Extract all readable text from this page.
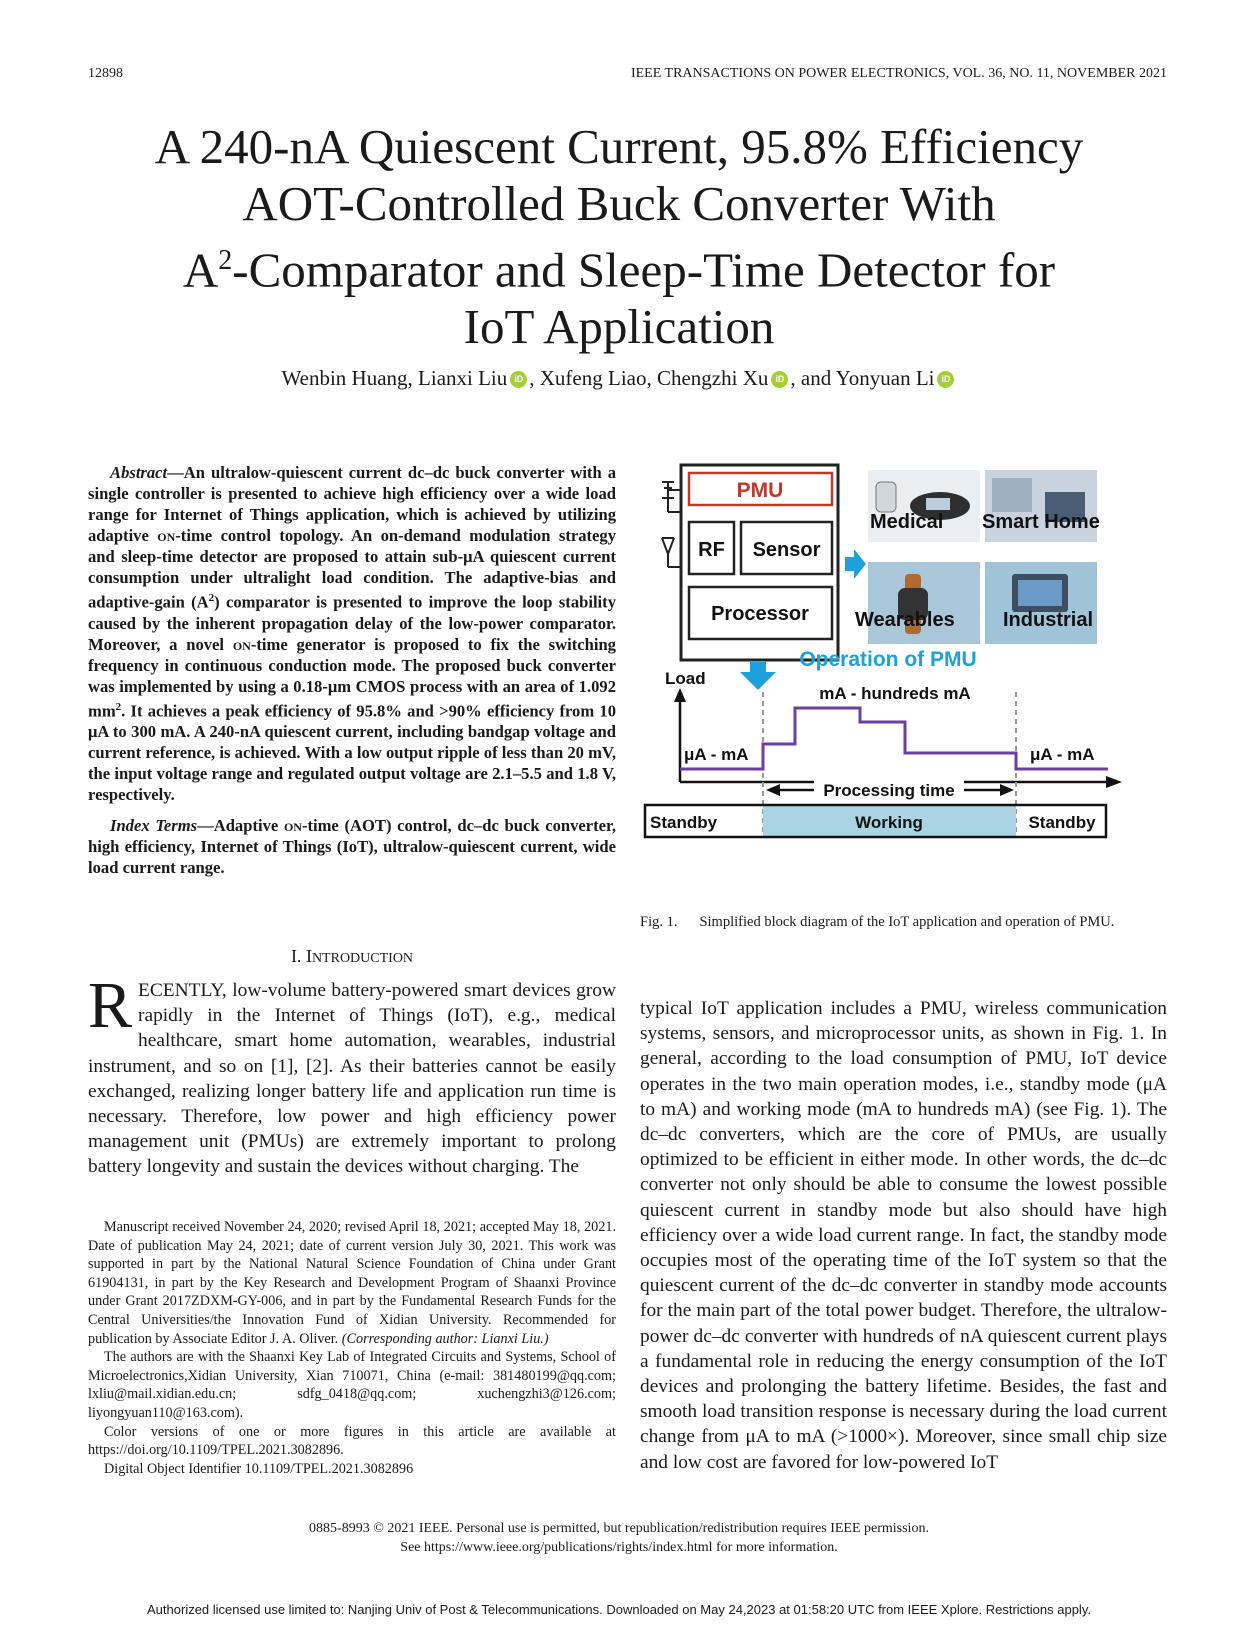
12898	IEEE TRANSACTIONS ON POWER ELECTRONICS, VOL. 36, NO. 11, NOVEMBER 2021
A 240-nA Quiescent Current, 95.8% Efficiency
AOT-Controlled Buck Converter With
$A^2$-Comparator and Sleep-Time Detector for
IoT Application
Wenbin Huang, Lianxi Liu iD , Xufeng Liao, Chengzhi Xu iD , and Yonyuan Li iD

Abstract—An ultralow-quiescent current dc–dc buck converter with a single controller is presented to achieve high efficiency over a wide load range for Internet of Things application, which is achieved by utilizing adaptive on-time control topology. An on-demand modulation strategy and sleep-time detector are proposed to attain sub-μA quiescent current consumption under ultralight load condition. The adaptive-bias and adaptive-gain $(A^2)$ comparator is presented to improve the loop stability caused by the inherent propagation delay of the low-power comparator. Moreover, a novel on-time generator is proposed to fix the switching frequency in continuous conduction mode. The proposed buck converter was implemented by using a 0.18-μm CMOS process with an area of 1.092 $mm^2$. It achieves a peak efficiency of 95.8% and >90% efficiency from 10 μA to 300 mA. A 240-nA quiescent current, including bandgap voltage and current reference, is achieved. With a low output ripple of less than 20 mV, the input voltage range and regulated output voltage are 2.1–5.5 and 1.8 V, respectively.

Index Terms—Adaptive on-time (AOT) control, dc–dc buck converter, high efficiency, Internet of Things (IoT), ultralow-quiescent current, wide load current range.

PMU
RF Sensor
Processor
Medical Smart Home
Wearables Industrial
Operation of PMU
Load
μA - mA
mA - hundreds mA
μA - mA
Processing time
Standby	Working	Standby
Fig. 1. Simplified block diagram of the IoT application and operation of PMU.
I. INTRODUCTION
RECENTLY, low-volume battery-powered smart devices grow rapidly in the Internet of Things (IoT), e.g., medical healthcare, smart home automation, wearables, industrial instrument, and so on [1], [2]. As their batteries cannot be easily exchanged, realizing longer battery life and application run time is necessary. Therefore, low power and high efficiency power management unit (PMUs) are extremely important to prolong battery longevity and sustain the devices without charging. The
typical IoT application includes a PMU, wireless communication systems, sensors, and microprocessor units, as shown in Fig. 1. In general, according to the load consumption of PMU, IoT device operates in the two main operation modes, i.e., standby mode (μA to mA) and working mode (mA to hundreds mA) (see Fig. 1). The dc–dc converters, which are the core of PMUs, are usually optimized to be efficient in either mode. In other words, the dc–dc converter not only should be able to consume the lowest possible quiescent current in standby mode but also should have high efficiency over a wide load current range. In fact, the standby mode occupies most of the operating time of the IoT system so that the quiescent current of the dc–dc converter in standby mode accounts for the main part of the total power budget. Therefore, the ultralow-power dc–dc converter with hundreds of nA quiescent current plays a fundamental role in reducing the energy consumption of the IoT devices and prolonging the battery lifetime. Besides, the fast and smooth load transition response is necessary during the load current change from μA to mA (>1000×). Moreover, since small chip size and low cost are favored for low-powered IoT

Manuscript received November 24, 2020; revised April 18, 2021; accepted May 18, 2021. Date of publication May 24, 2021; date of current version July 30, 2021. This work was supported in part by the National Natural Science Foundation of China under Grant 61904131, in part by the Key Research and Development Program of Shaanxi Province under Grant 2017ZDXM-GY-006, and in part by the Fundamental Research Funds for the Central Universities/the Innovation Fund of Xidian University. Recommended for publication by Associate Editor J. A. Oliver. (Corresponding author: Lianxi Liu.)

The authors are with the Shaanxi Key Lab of Integrated Circuits and Systems, School of Microelectronics,Xidian University, Xian 710071, China (e-mail: 381480199@qq.com; lxliu@mail.xidian.edu.cn; sdfg_0418@qq.com; xuchengzhi3@126.com; liyongyuan110@163.com).

Color versions of one or more figures in this article are available at https://doi.org/10.1109/TPEL.2021.3082896.

Digital Object Identifier 10.1109/TPEL.2021.3082896

0885-8993 © 2021 IEEE. Personal use is permitted, but republication/redistribution requires IEEE permission.
See https://www.ieee.org/publications/rights/index.html for more information.
Authorized licensed use limited to: Nanjing Univ of Post & Telecommunications. Downloaded on May 24,2023 at 01:58:20 UTC from IEEE Xplore. Restrictions apply.
